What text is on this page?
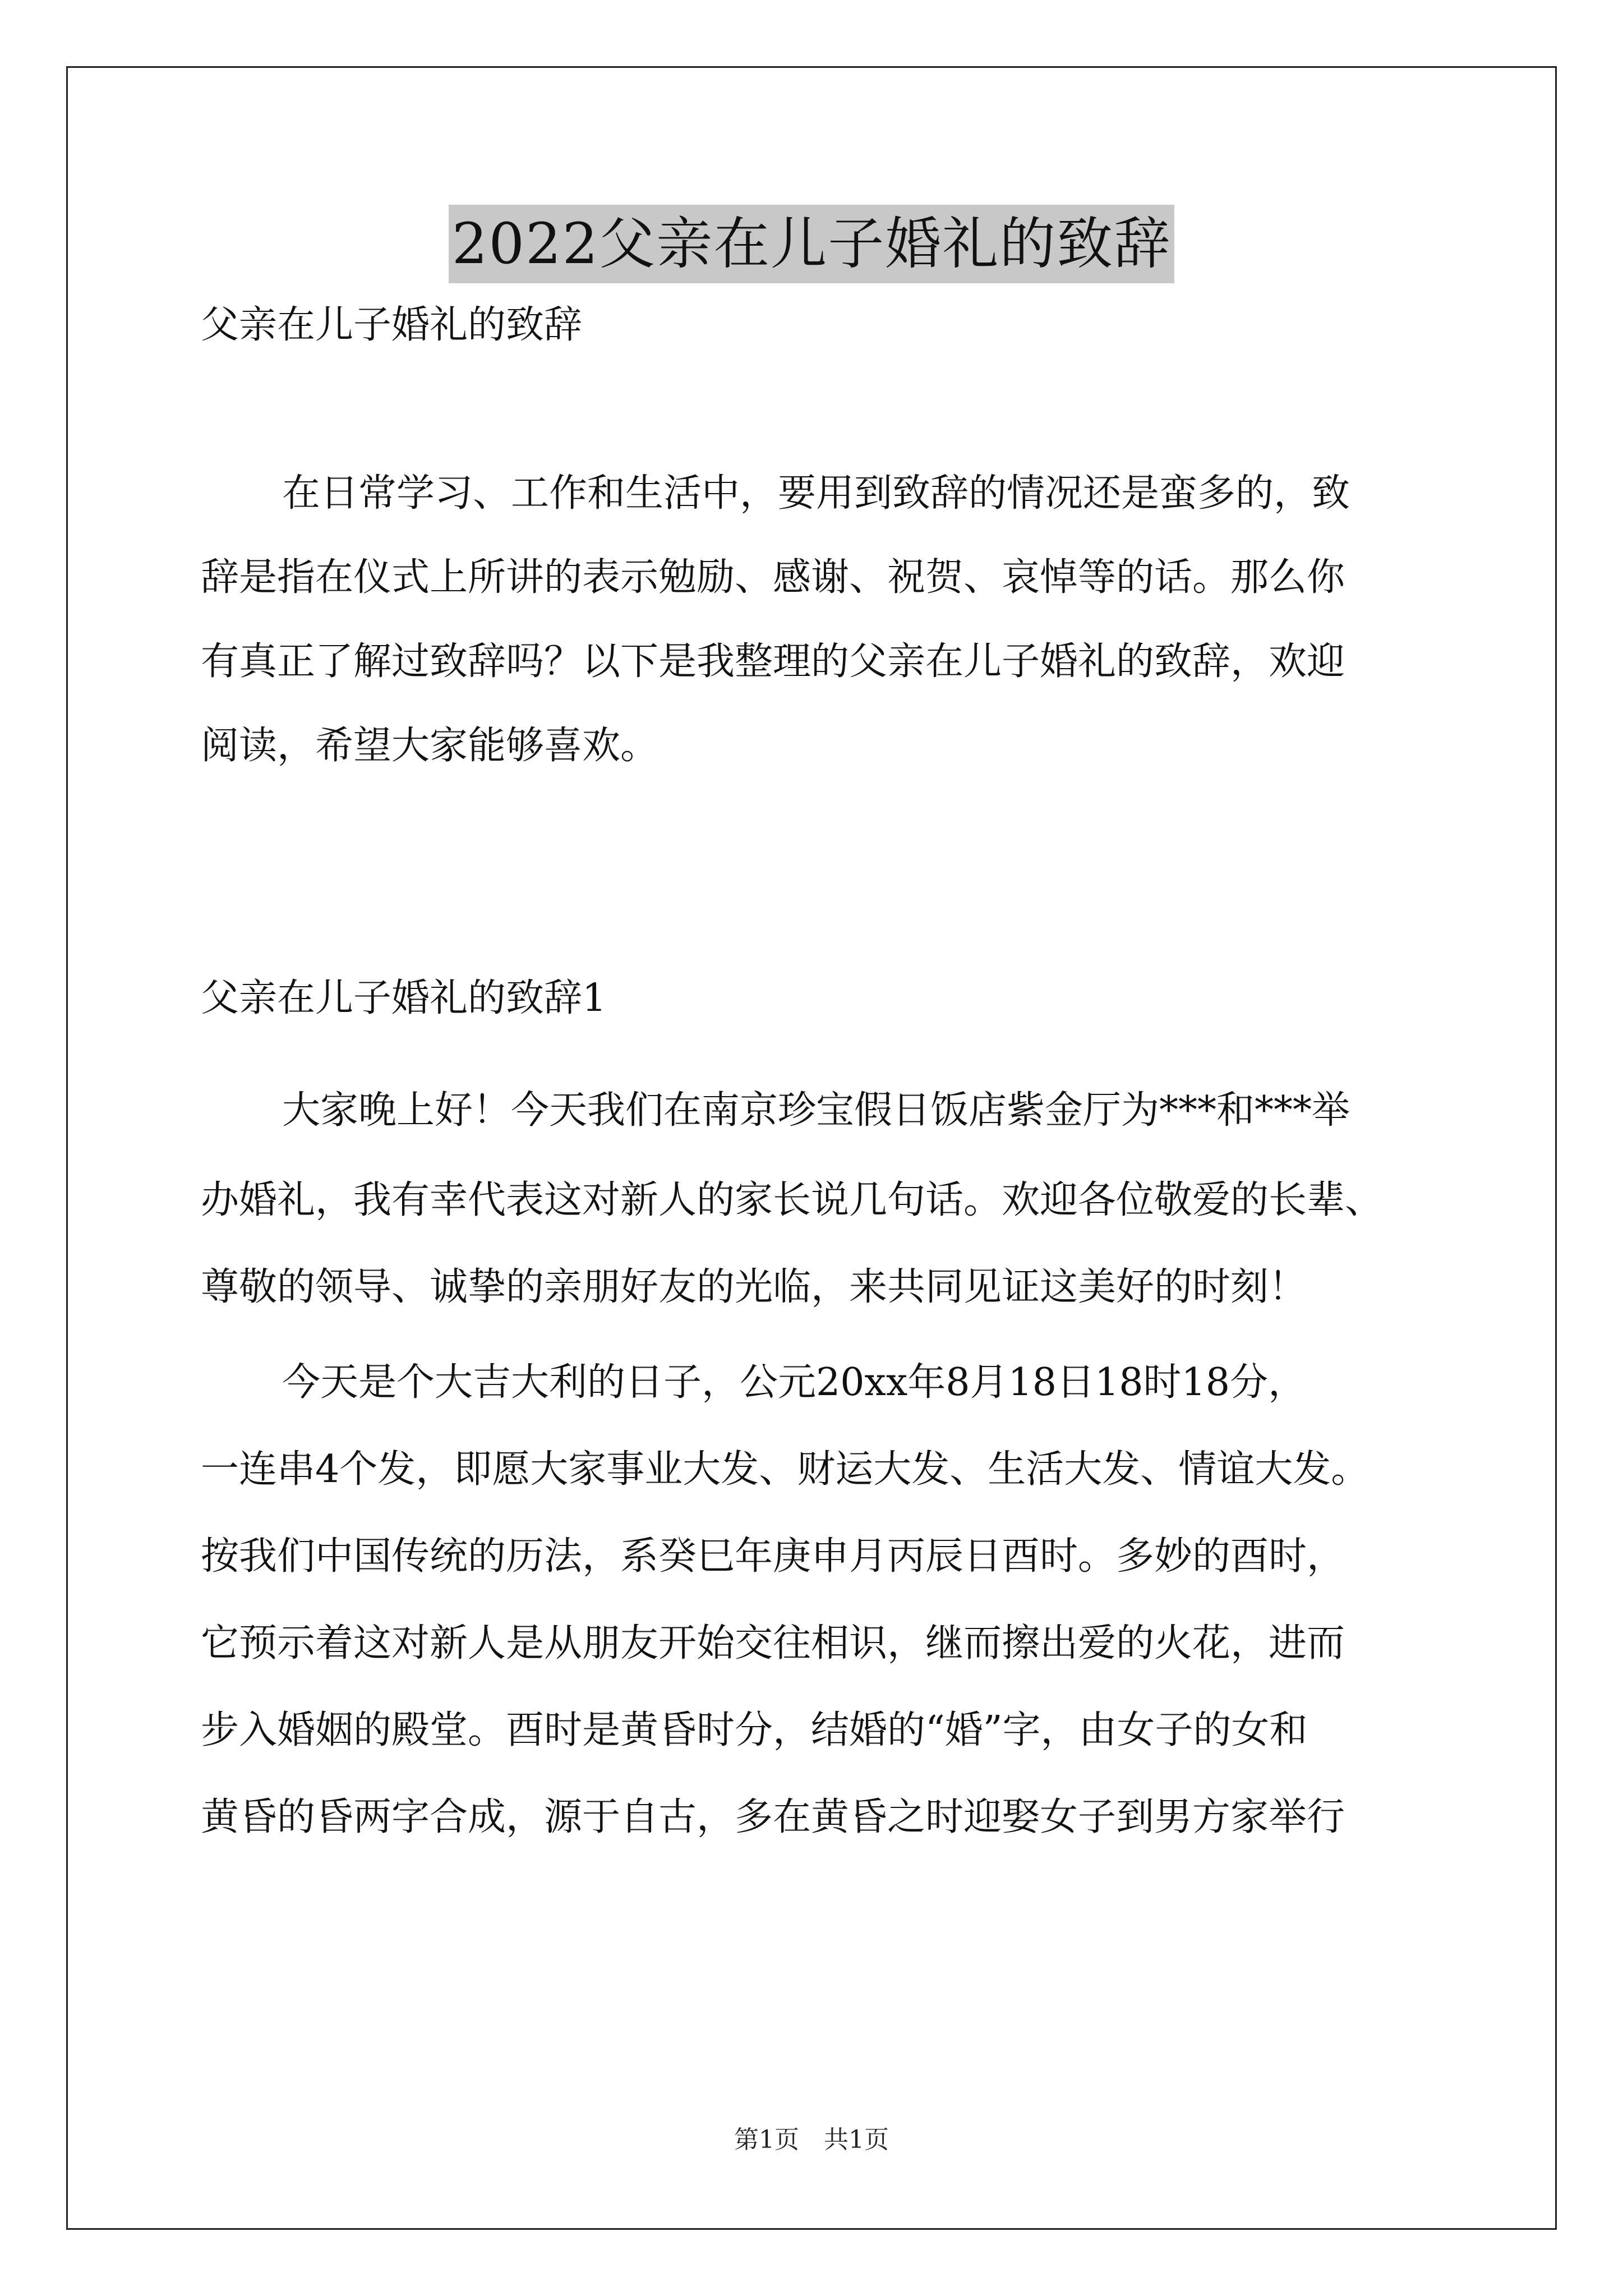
2022父亲在儿子婚礼的致辞

父亲在儿子婚礼的致辞

在日常学习、工作和生活中，要用到致辞的情况还是蛮多的，致

辞是指在仪式上所讲的表示勉励、感谢、祝贺、哀悼等的话。那么你

有真正了解过致辞吗？以下是我整理的父亲在儿子婚礼的致辞，欢迎

阅读，希望大家能够喜欢。

父亲在儿子婚礼的致辞1

大家晚上好！今天我们在南京珍宝假日饭店紫金厅为***和***举

办婚礼，我有幸代表这对新人的家长说几句话。欢迎各位敬爱的长辈、

尊敬的领导、诚挚的亲朋好友的光临，来共同见证这美好的时刻！

今天是个大吉大利的日子，公元20xx年8月18日18时18分，

一连串4个发，即愿大家事业大发、财运大发、生活大发、情谊大发。

按我们中国传统的历法，系癸巳年庚申月丙辰日酉时。多妙的酉时，

它预示着这对新人是从朋友开始交往相识，继而擦出爱的火花，进而

步入婚姻的殿堂。酉时是黄昏时分，结婚的“婚”字，由女子的女和

黄昏的昏两字合成，源于自古，多在黄昏之时迎娶女子到男方家举行

第1页　共1页
